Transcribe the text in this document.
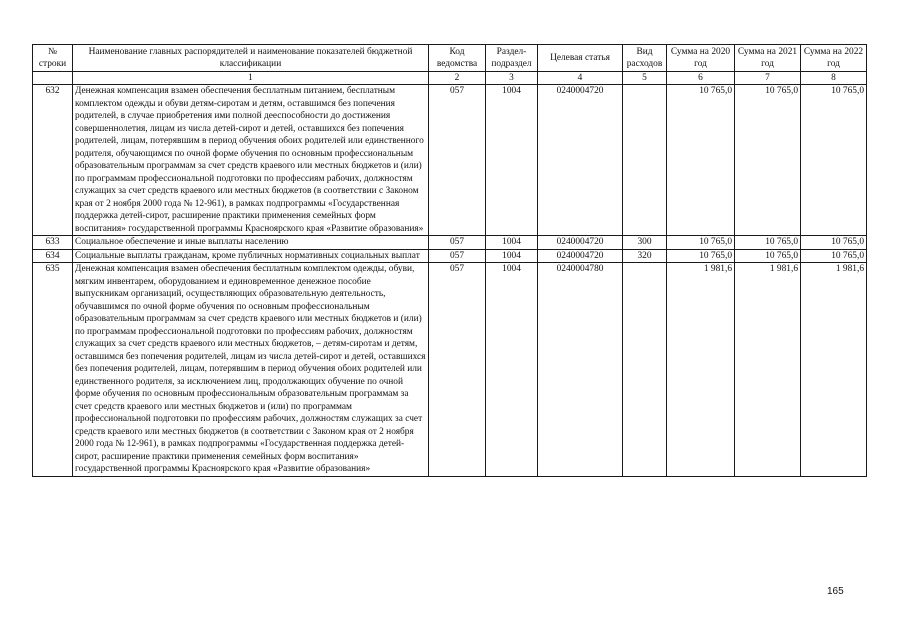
№ строки	Наименование главных распорядителей и наименование показателей бюджетной классификации	Код ведомства	Раздел-подраздел	Целевая статья	Вид расходов	Сумма на 2020 год	Сумма на 2021 год	Сумма на 2022 год
	1	2	3	4	5	6	7	8
632	Денежная компенсация взамен обеспечения бесплатным питанием, бесплатным комплектом одежды и обуви детям-сиротам и детям, оставшимся без попечения родителей, в случае приобретения ими полной дееспособности до достижения совершеннолетия, лицам из числа детей-сирот и детей, оставшихся без попечения родителей, лицам, потерявшим в период обучения обоих родителей или единственного родителя, обучающимся по очной форме обучения по основным профессиональным образовательным программам за счет средств краевого или местных бюджетов и (или) по программам профессиональной подготовки по профессиям рабочих, должностям служащих за счет средств краевого или местных бюджетов (в соответствии с Законом края от 2 ноября 2000 года № 12-961), в рамках подпрограммы «Государственная поддержка детей-сирот, расширение практики применения семейных форм воспитания» государственной программы Красноярского края «Развитие образования»	057	1004	0240004720		10 765,0	10 765,0	10 765,0
633	Социальное обеспечение и иные выплаты населению	057	1004	0240004720	300	10 765,0	10 765,0	10 765,0
634	Социальные выплаты гражданам, кроме публичных нормативных социальных выплат	057	1004	0240004720	320	10 765,0	10 765,0	10 765,0
635	Денежная компенсация взамен обеспечения бесплатным комплектом одежды, обуви, мягким инвентарем, оборудованием и единовременное денежное пособие выпускникам организаций, осуществляющих образовательную деятельность, обучавшимся по очной форме обучения по основным профессиональным образовательным программам за счет средств краевого или местных бюджетов и (или) по программам профессиональной подготовки по профессиям рабочих, должностям служащих за счет средств краевого или местных бюджетов, – детям-сиротам и детям, оставшимся без попечения родителей, лицам из числа детей-сирот и детей, оставшихся без попечения родителей, лицам, потерявшим в период обучения обоих родителей или единственного родителя, за исключением лиц, продолжающих обучение по очной форме обучения по основным профессиональным образовательным программам за счет средств краевого или местных бюджетов и (или) по программам профессиональной подготовки по профессиям рабочих, должностям служащих за счет средств краевого или местных бюджетов (в соответствии с Законом края от 2 ноября 2000 года № 12-961), в рамках подпрограммы «Государственная поддержка детей-сирот, расширение практики применения семейных форм воспитания» государственной программы Красноярского края «Развитие образования»	057	1004	0240004780		1 981,6	1 981,6	1 981,6
165
